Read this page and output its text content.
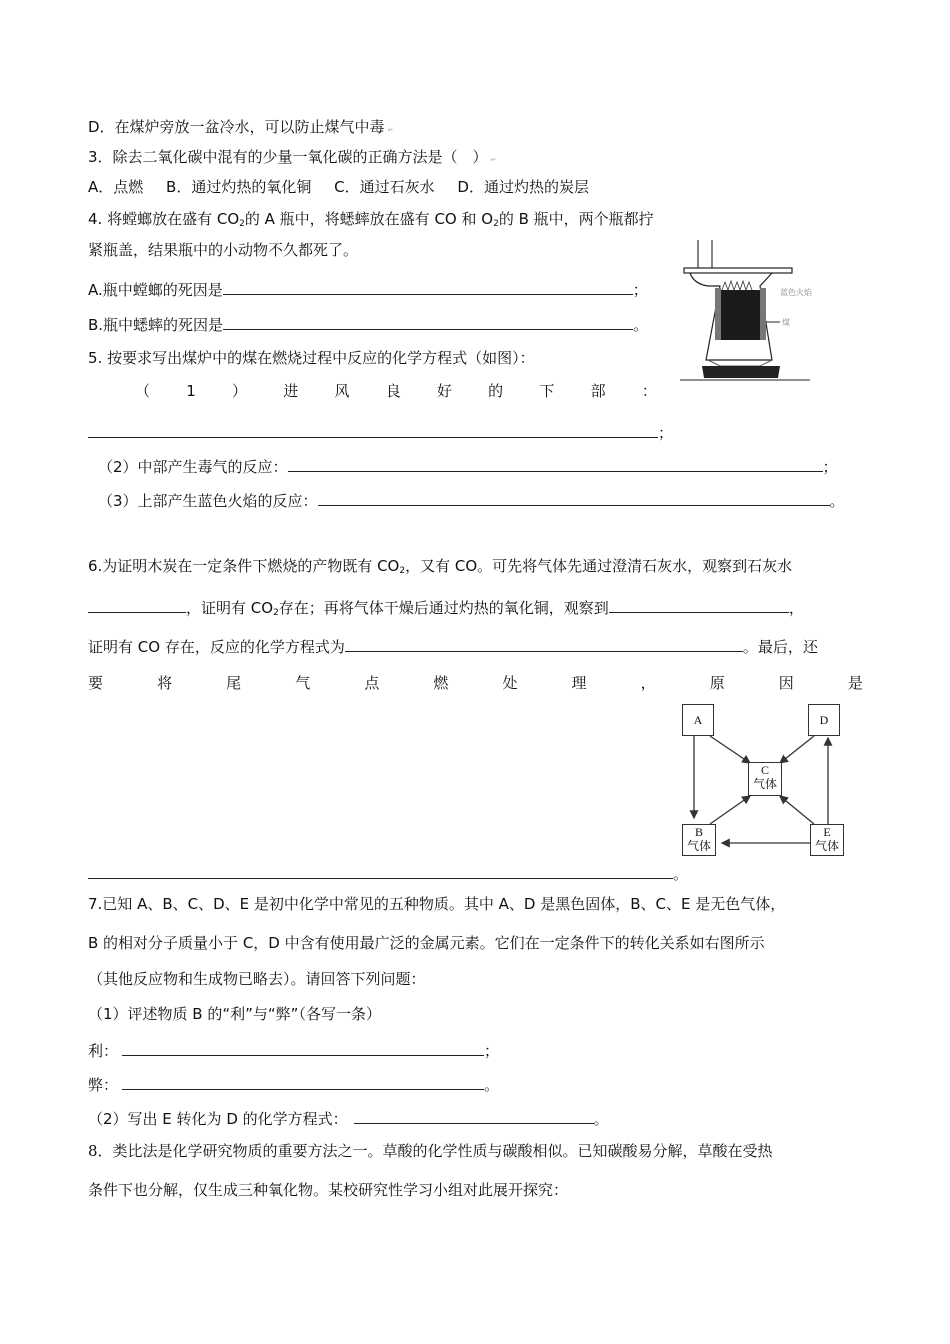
D．在煤炉旁放一盆冷水，可以防止煤气中毒 ↵
3．除去二氧化碳中混有的少量一氧化碳的正确方法是（　） ↵
A．点燃 B．通过灼热的氧化铜 C．通过石灰水 D．通过灼热的炭层
4. 将螳螂放在盛有 $CO_2$的 A 瓶中，将蟋蟀放在盛有 CO 和 $O_2$的 B 瓶中，两个瓶都拧
紧瓶盖，结果瓶中的小动物不久都死了。
A.瓶中螳螂的死因是	；
B.瓶中蟋蟀的死因是	。
5. 按要求写出煤炉中的煤在燃烧过程中反应的化学方程式（如图）：
（ 1 ） 进 风 良 好 的 下 部 ：
；
（2）中部产生毒气的反应：	；
（3）上部产生蓝色火焰的反应：	。
蓝色火焰
煤
6.为证明木炭在一定条件下燃烧的产物既有 $CO_2$，又有 CO。可先将气体先通过澄清石灰水，观察到石灰水
，证明有 $CO_2$存在；再将气体干燥后通过灼热的氧化铜，观察到	，
证明有 CO 存在，反应的化学方程式为	。最后，还
要	将	尾	气	点	燃	处	理	，	原	因	是
。
A	D
C
气体
B
气体
E
气体
7.已知 A、B、C、D、E 是初中化学中常见的五种物质。其中 A、D 是黑色固体，B、C、E 是无色气体，
B 的相对分子质量小于 C，D 中含有使用最广泛的金属元素。它们在一定条件下的转化关系如右图所示
（其他反应物和生成物已略去）。请回答下列问题：
（1）评述物质 B 的“利”与“弊”（各写一条）
利：	；
弊：	。
（2）写出 E 转化为 D 的化学方程式：	。
8．类比法是化学研究物质的重要方法之一。草酸的化学性质与碳酸相似。已知碳酸易分解，草酸在受热
条件下也分解，仅生成三种氧化物。某校研究性学习小组对此展开探究：
